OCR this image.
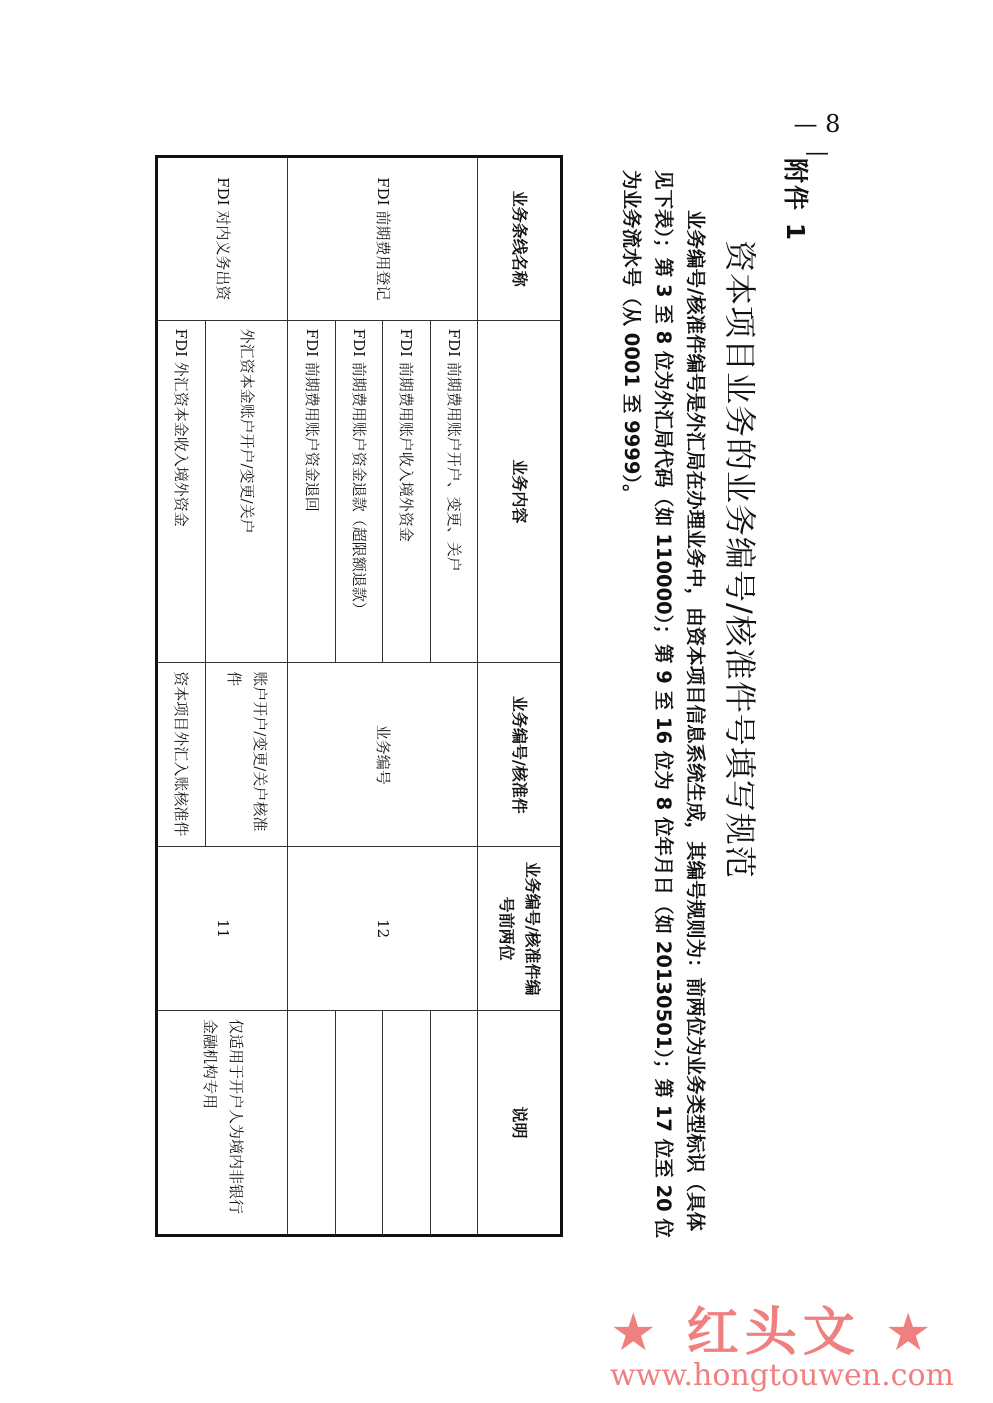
— 8 —
附件 1
资本项目业务的业务编号/核准件号填写规范
业务编号/核准件编号是外汇局在办理业务中，由资本项目信息系统生成，其编号规则为：前两位为业务类型标识（具体见下表）；第 3 至 8 位为外汇局代码（如 110000）；第 9 至 16 位为 8 位年月日（如 20130501）；第 17 位至 20 位为业务流水号（从 0001 至 9999）。
业务条线名称	业务内容	业务编号/核准件	业务编号/核准件编号前两位	说明
FDI 前期费用登记	FDI 前期费用账户开户、变更、关户	业务编号	12	
	FDI 前期费用账户收入境外资金			
	FDI 前期费用账户资金退款（超限额退款）			
	FDI 前期费用账户资金退回			
FDI 对内义务出资	外汇资本金账户开户/变更/关户	账户开户/变更/关户核准件	11	仅适用于开户人为境内非银行金融机构专用
	FDI 外汇资本金收入境外资金	资本项目外汇入账核准件		
★ 红头文 ★
www.hongtouwen.com
